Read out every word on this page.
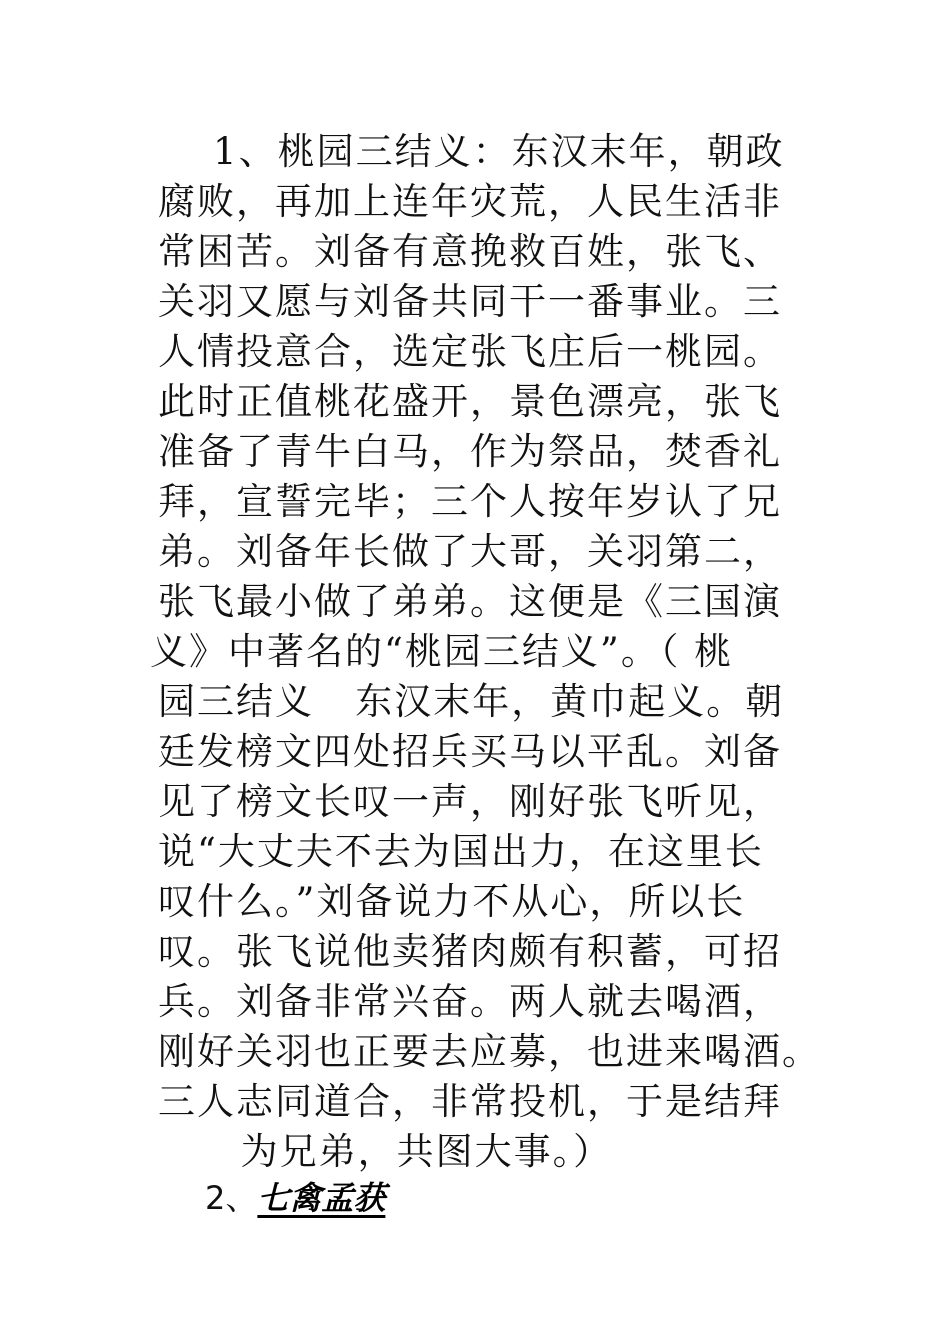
1、桃园三结义：东汉末年，朝政
腐败，再加上连年灾荒，人民生活非
常困苦。刘备有意挽救百姓，张飞、
关羽又愿与刘备共同干一番事业。三
人情投意合，选定张飞庄后一桃园。
此时正值桃花盛开，景色漂亮，张飞
准备了青牛白马，作为祭品，焚香礼
拜，宣誓完毕；三个人按年岁认了兄
弟。刘备年长做了大哥，关羽第二，
张飞最小做了弟弟。这便是《三国演
义》中著名的“桃园三结义”。（ 桃
园三结义   东汉末年，黄巾起义。朝
廷发榜文四处招兵买马以平乱。刘备
见了榜文长叹一声，刚好张飞听见，
说“大丈夫不去为国出力，在这里长
叹什么。”刘备说力不从心，所以长
叹。张飞说他卖猪肉颇有积蓄，可招
兵。刘备非常兴奋。两人就去喝酒，
刚好关羽也正要去应募，也进来喝酒。
三人志同道合，非常投机，于是结拜
为兄弟，共图大事。）
2、七禽孟获
